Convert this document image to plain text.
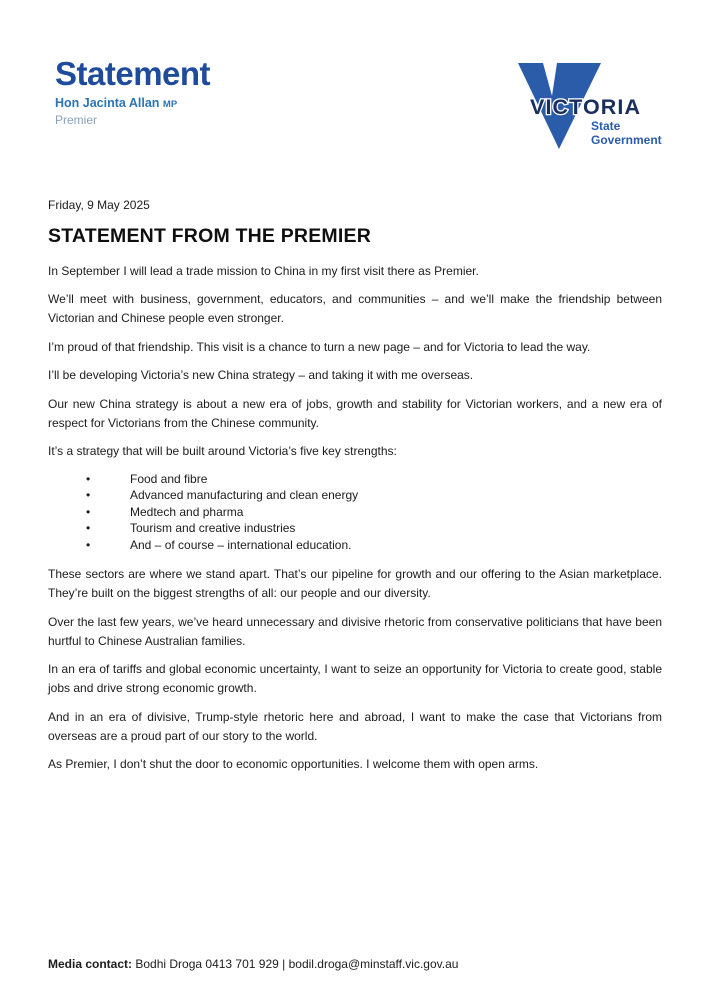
Statement
Hon Jacinta Allan MP
Premier
VICTORIA
State
Government

Friday, 9 May 2025

STATEMENT FROM THE PREMIER

In September I will lead a trade mission to China in my first visit there as Premier.

We’ll meet with business, government, educators, and communities – and we’ll make the friendship between Victorian and Chinese people even stronger.

I’m proud of that friendship. This visit is a chance to turn a new page – and for Victoria to lead the way.

I’ll be developing Victoria’s new China strategy – and taking it with me overseas.

Our new China strategy is about a new era of jobs, growth and stability for Victorian workers, and a new era of respect for Victorians from the Chinese community.

It’s a strategy that will be built around Victoria’s five key strengths:

• Food and fibre
• Advanced manufacturing and clean energy
• Medtech and pharma
• Tourism and creative industries
• And – of course – international education.

These sectors are where we stand apart. That’s our pipeline for growth and our offering to the Asian marketplace. They’re built on the biggest strengths of all: our people and our diversity.

Over the last few years, we’ve heard unnecessary and divisive rhetoric from conservative politicians that have been hurtful to Chinese Australian families.

In an era of tariffs and global economic uncertainty, I want to seize an opportunity for Victoria to create good, stable jobs and drive strong economic growth.

And in an era of divisive, Trump-style rhetoric here and abroad, I want to make the case that Victorians from overseas are a proud part of our story to the world.

As Premier, I don’t shut the door to economic opportunities. I welcome them with open arms.

Media contact: Bodhi Droga 0413 701 929 | bodil.droga@minstaff.vic.gov.au
